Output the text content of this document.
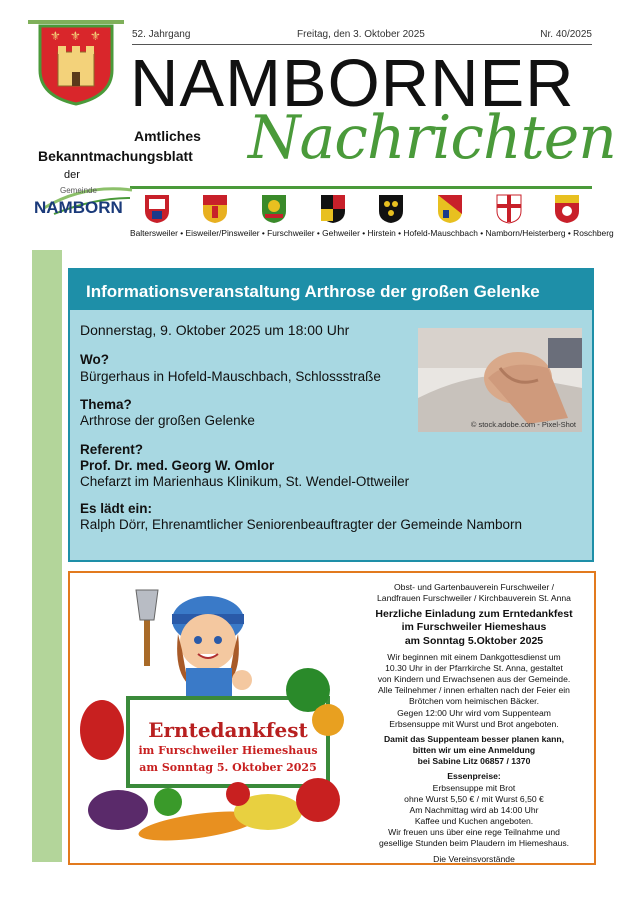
⚜ ⚜ ⚜	52. Jahrgang	Freitag, den 3. Oktober 2025	Nr. 40/2025
NAMBORNER
Nachrichten
Amtliches
Bekanntmachungsblatt
der
Gemeinde
NAMBORN
Baltersweiler • Eisweiler/Pinsweiler • Furschweiler • Gehweiler • Hirstein • Hofeld-Mauschbach • Namborn/Heisterberg • Roschberg
Informationsveranstaltung Arthrose der großen Gelenke
Donnerstag, 9. Oktober 2025 um 18:00 Uhr
Wo?
Bürgerhaus in Hofeld-Mauschbach, Schlossstraße
Thema?
Arthrose der großen Gelenke
Referent?
Prof. Dr. med. Georg W. Omlor
Chefarzt im Marienhaus Klinikum, St. Wendel-Ottweiler
Es lädt ein:
Ralph Dörr, Ehrenamtlicher Seniorenbeauftragter der Gemeinde Namborn
© stock.adobe.com - Pixel-Shot
Erntedankfest
im Furschweiler Hiemeshaus
am Sonntag 5. Oktober 2025
Obst- und Gartenbauverein Furschweiler /
Landfrauen Furschweiler / Kirchbauverein St. Anna
Herzliche Einladung zum Erntedankfest
im Furschweiler Hiemeshaus
am Sonntag 5.Oktober 2025
Wir beginnen mit einem Dankgottesdienst um
10.30 Uhr in der Pfarrkirche St. Anna, gestaltet
von Kindern und Erwachsenen aus der Gemeinde.
Alle Teilnehmer / innen erhalten nach der Feier ein
Brötchen vom heimischen Bäcker.
Gegen 12:00 Uhr wird vom Suppenteam
Erbsensuppe mit Wurst und Brot angeboten.
Damit das Suppenteam besser planen kann,
bitten wir um eine Anmeldung
bei Sabine Litz 06857 / 1370
Essenpreise:
Erbsensuppe mit Brot
ohne Wurst 5,50 € / mit Wurst 6,50 €
Am Nachmittag wird ab 14:00 Uhr
Kaffee und Kuchen angeboten.
Wir freuen uns über eine rege Teilnahme und
gesellige Stunden beim Plaudern im Hiemeshaus.
Die Vereinsvorstände
